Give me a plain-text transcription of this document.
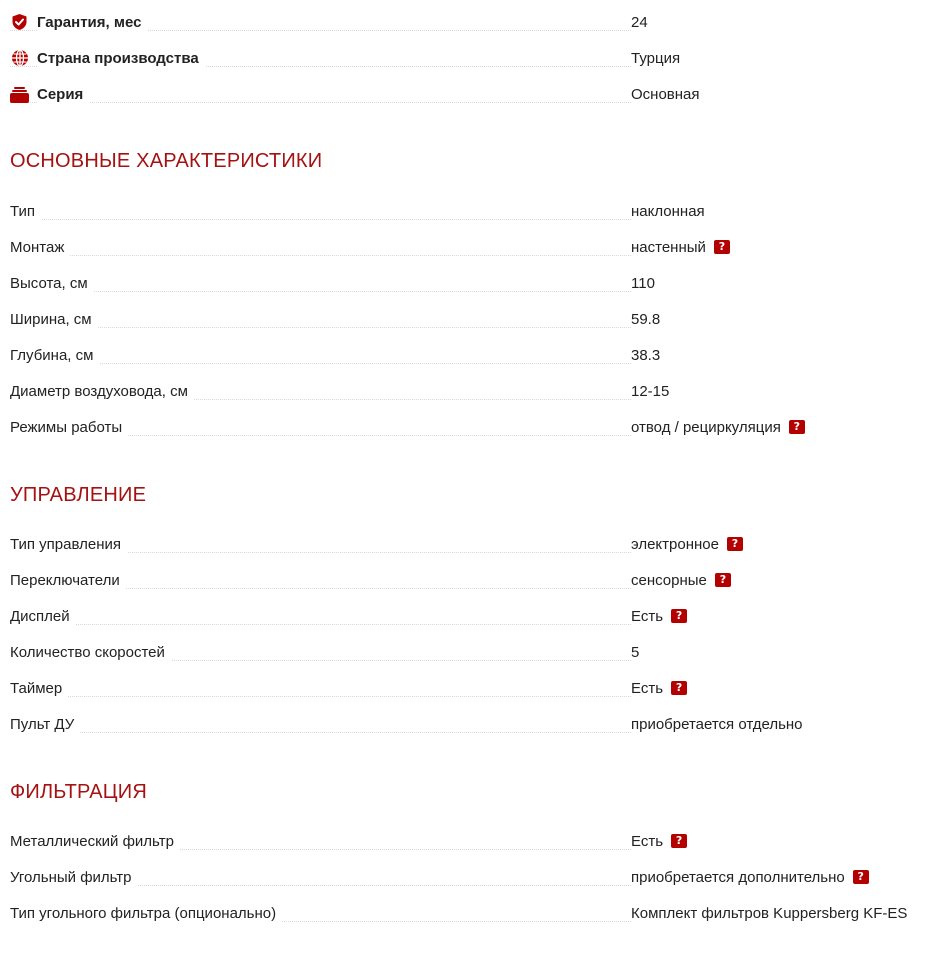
Гарантия, мес	24
Страна производства	Турция
Серия	Основная
ОСНОВНЫЕ ХАРАКТЕРИСТИКИ
Тип	наклонная
Монтаж	настенный	?
Высота, см	110
Ширина, см	59.8
Глубина, см	38.3
Диаметр воздуховода, см	12-15
Режимы работы	отвод / рециркуляция	?
УПРАВЛЕНИЕ
Тип управления	электронное	?
Переключатели	сенсорные	?
Дисплей	Есть	?
Количество скоростей	5
Таймер	Есть	?
Пульт ДУ	приобретается отдельно
ФИЛЬТРАЦИЯ
Металлический фильтр	Есть	?
Угольный фильтр	приобретается дополнительно	?
Тип угольного фильтра (опционально)	Комплект фильтров Kuppersberg KF-ES
